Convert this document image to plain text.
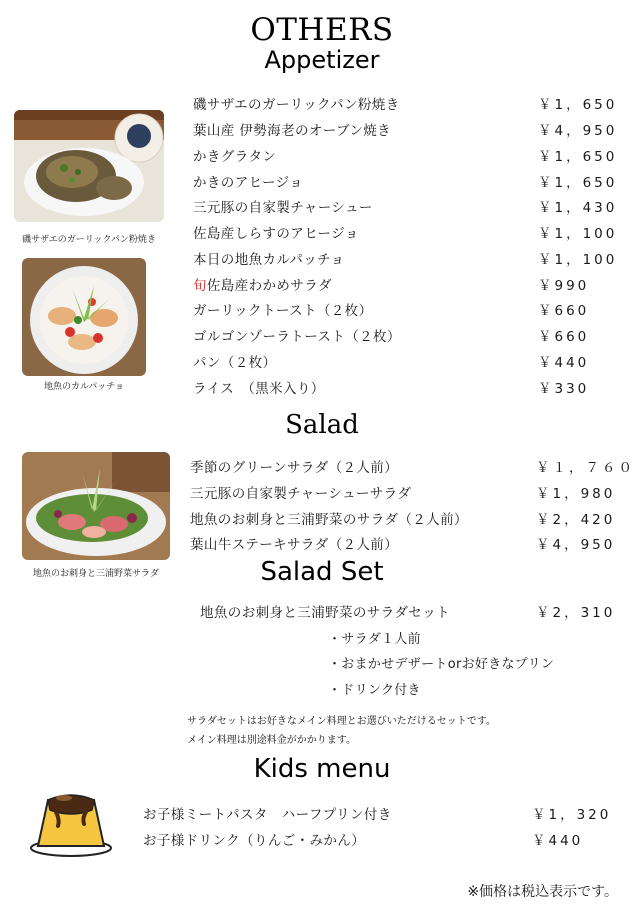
OTHERS
Appetizer
磯サザエのガーリックパン粉焼き
地魚のカルパッチョ
磯サザエのガーリックパン粉焼き	￥1，650
葉山産 伊勢海老のオーブン焼き	￥4，950
かきグラタン	￥1，650
かきのアヒージョ	￥1，650
三元豚の自家製チャーシュー	￥1，430
佐島産しらすのアヒージョ	￥1，100
本日の地魚カルパッチョ	￥1，100
旬佐島産わかめサラダ	￥990
ガーリックトースト（２枚）	￥660
ゴルゴンゾーラトースト（２枚）	￥660
パン（２枚）	￥440
ライス　（黒米入り）	￥330
Salad
地魚のお刺身と三浦野菜サラダ
季節のグリーンサラダ（２人前）	￥１，７６０
三元豚の自家製チャーシューサラダ	￥1，980
地魚のお刺身と三浦野菜のサラダ（２人前）	￥2，420
葉山牛ステーキサラダ（２人前）	￥4，950
Salad Set
地魚のお刺身と三浦野菜のサラダセット	￥2，310
・サラダ１人前
・おまかせデザートorお好きなプリン
・ドリンク付き
サラダセットはお好きなメイン料理とお選びいただけるセットです。
メイン料理は別途料金がかかります。
Kids menu
お子様ミートパスタ　ハーフプリン付き	￥1，320
お子様ドリンク（りんご・みかん）	￥440
※価格は税込表示です。
